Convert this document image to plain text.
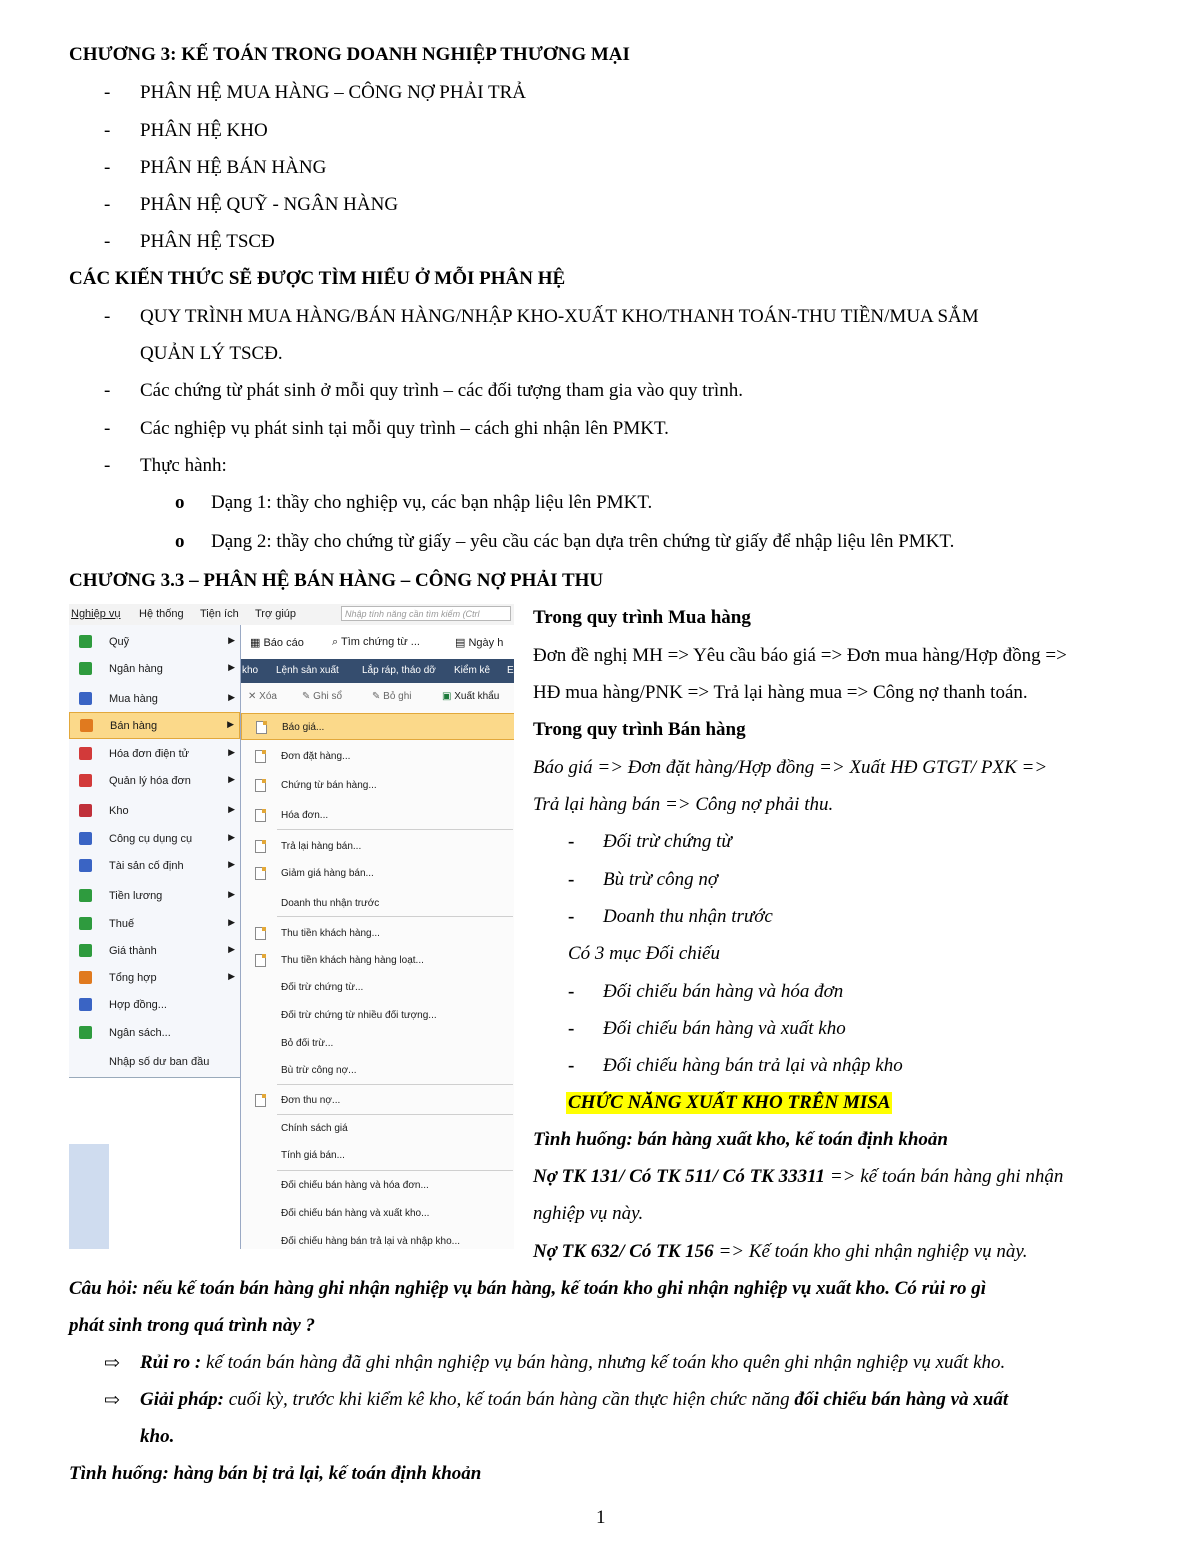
CHƯƠNG 3: KẾ TOÁN TRONG DOANH NGHIỆP THƯƠNG MẠI
- PHÂN HỆ MUA HÀNG – CÔNG NỢ PHẢI TRẢ
- PHÂN HỆ KHO
- PHÂN HỆ BÁN HÀNG
- PHÂN HỆ QUỸ - NGÂN HÀNG
- PHÂN HỆ TSCĐ
CÁC KIẾN THỨC SẼ ĐƯỢC TÌM HIỂU Ở MỖI PHÂN HỆ
- QUY TRÌNH MUA HÀNG/BÁN HÀNG/NHẬP KHO-XUẤT KHO/THANH TOÁN-THU TIỀN/MUA SẮM
QUẢN LÝ TSCĐ.
- Các chứng từ phát sinh ở mỗi quy trình – các đối tượng tham gia vào quy trình.
- Các nghiệp vụ phát sinh tại mỗi quy trình – cách ghi nhận lên PMKT.
- Thực hành:
o Dạng 1: thầy cho nghiệp vụ, các bạn nhập liệu lên PMKT.
o Dạng 2: thầy cho chứng từ giấy – yêu cầu các bạn dựa trên chứng từ giấy để nhập liệu lên PMKT.
CHƯƠNG 3.3 – PHÂN HỆ BÁN HÀNG – CÔNG NỢ PHẢI THU
Nghiệp vụ Hệ thống Tiện ích Trợ giúp	Nhập tính năng cần tìm kiếm (Ctrl
▦ Báo cáo	⌕ Tìm chứng từ ...	▤ Ngày h
kho Lệnh sản xuất Lắp ráp, tháo dỡ Kiểm kê E
✕ Xóa	✎ Ghi sổ	✎ Bỏ ghi	▣ Xuất khẩu
Quỹ	▶
Ngân hàng	▶
Mua hàng	▶
Bán hàng	▶
Hóa đơn điện tử	▶
Quản lý hóa đơn	▶
Kho	▶
Công cụ dụng cụ	▶
Tài sản cố định	▶
Tiền lương	▶
Thuế	▶
Giá thành	▶
Tổng hợp	▶
Hợp đồng...
Ngân sách...
Nhập số dư ban đầu
Báo giá...
Đơn đặt hàng...
Chứng từ bán hàng...
Hóa đơn...
Trả lại hàng bán...
Giảm giá hàng bán...
Doanh thu nhận trước
Thu tiền khách hàng...
Thu tiền khách hàng hàng loạt...
Đối trừ chứng từ...
Đối trừ chứng từ nhiều đối tượng...
Bỏ đối trừ...
Bù trừ công nợ...
Đơn thu nợ...
Chính sách giá
Tính giá bán...
Đối chiếu bán hàng và hóa đơn...
Đối chiếu bán hàng và xuất kho...
Đối chiếu hàng bán trả lại và nhập kho...
Trong quy trình Mua hàng
Đơn đề nghị MH => Yêu cầu báo giá => Đơn mua hàng/Hợp đồng =>
HĐ mua hàng/PNK => Trả lại hàng mua => Công nợ thanh toán.
Trong quy trình Bán hàng
Báo giá => Đơn đặt hàng/Hợp đồng => Xuất HĐ GTGT/ PXK =>
Trả lại hàng bán => Công nợ phải thu.
- Đối trừ chứng từ
- Bù trừ công nợ
- Doanh thu nhận trước
Có 3 mục Đối chiếu
- Đối chiếu bán hàng và hóa đơn
- Đối chiếu bán hàng và xuất kho
- Đối chiếu hàng bán trả lại và nhập kho
CHỨC NĂNG XUẤT KHO TRÊN MISA
Tình huống: bán hàng xuất kho, kế toán định khoản
Nợ TK 131/ Có TK 511/ Có TK 33311 => kế toán bán hàng ghi nhận
nghiệp vụ này.
Nợ TK 632/ Có TK 156 => Kế toán kho ghi nhận nghiệp vụ này.
Câu hỏi: nếu kế toán bán hàng ghi nhận nghiệp vụ bán hàng, kế toán kho ghi nhận nghiệp vụ xuất kho. Có rủi ro gì
phát sinh trong quá trình này ?
⇨ Rủi ro : kế toán bán hàng đã ghi nhận nghiệp vụ bán hàng, nhưng kế toán kho quên ghi nhận nghiệp vụ xuất kho.
⇨ Giải pháp: cuối kỳ, trước khi kiểm kê kho, kế toán bán hàng cần thực hiện chức năng đối chiếu bán hàng và xuất
kho.
Tình huống: hàng bán bị trả lại, kế toán định khoản
1
